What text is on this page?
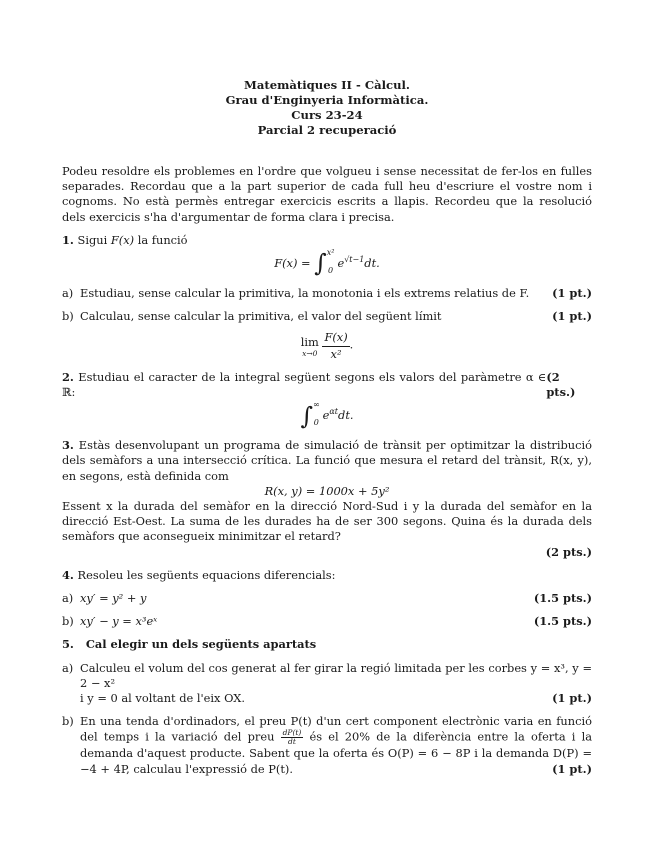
Matemàtiques II - Càlcul.
Grau d'Enginyeria Informàtica.
Curs 23-24
Parcial 2 recuperació

Podeu resoldre els problemes en l'ordre que volgueu i sense necessitat de fer-los en fulles separades. Recordau que a la part superior de cada full heu d'escriure el vostre nom i cognoms. No està permès entregar exercicis escrits a llapis. Recordeu que la resolució dels exercicis s'ha d'argumentar de forma clara i precisa.

1. Sigui F(x) la funció

F(x) = ∫ x²
0
$e^{√t-1}dt$.
a) Estudiau, sense calcular la primitiva, la monotonia i els extrems relatius de F. (1 pt.)
b) Calculau, sense calcular la primitiva, el valor del següent límit	(1 pt.)
lim
x→0
$\frac{F(x)}{\text{x²}}$ .

2. Estudiau el caracter de la integral següent segons els valors del paràmetre α ∈ ℝ:
(2 pts.)

∫ ∞
0
$e^{\alpha t}dt$.

3. Estàs desenvolupant un programa de simulació de trànsit per optimitzar la distribució dels semàfors a una intersecció crítica. La funció que mesura el retard del trànsit, R(x, y), en segons, està definida com

R(x, y) = 1000x + 5y²

Essent x la durada del semàfor en la direcció Nord-Sud i y la durada del semàfor en la direcció Est-Oest. La suma de les durades ha de ser 300 segons. Quina és la durada dels semàfors que aconsegueix minimitzar el retard?

(2 pts.)

4. Resoleu les següents equacions diferencials:

a) xy′ = y² + y	(1.5 pts.)
b) xy′ − y = x³eˣ	(1.5 pts.)

5. Cal elegir un dels següents apartats

a) Calculeu el volum del cos generat al fer girar la regió limitada per les corbes y = x³, y = 2 − x²
i y = 0 al voltant de l'eix OX.	(1 pt.)
b) En una tenda d'ordinadors, el preu P(t) d'un cert component electrònic varia en funció del temps i la variació del preu $\frac{dP(t)}{dt}$ és el 20% de la diferència entre la oferta i la demanda d'aquest producte. Sabent que la oferta és O(P) = 6 − 8P i la demanda D(P) = −4 + 4P, calculau l'expressió de P(t).	(1 pt.)
